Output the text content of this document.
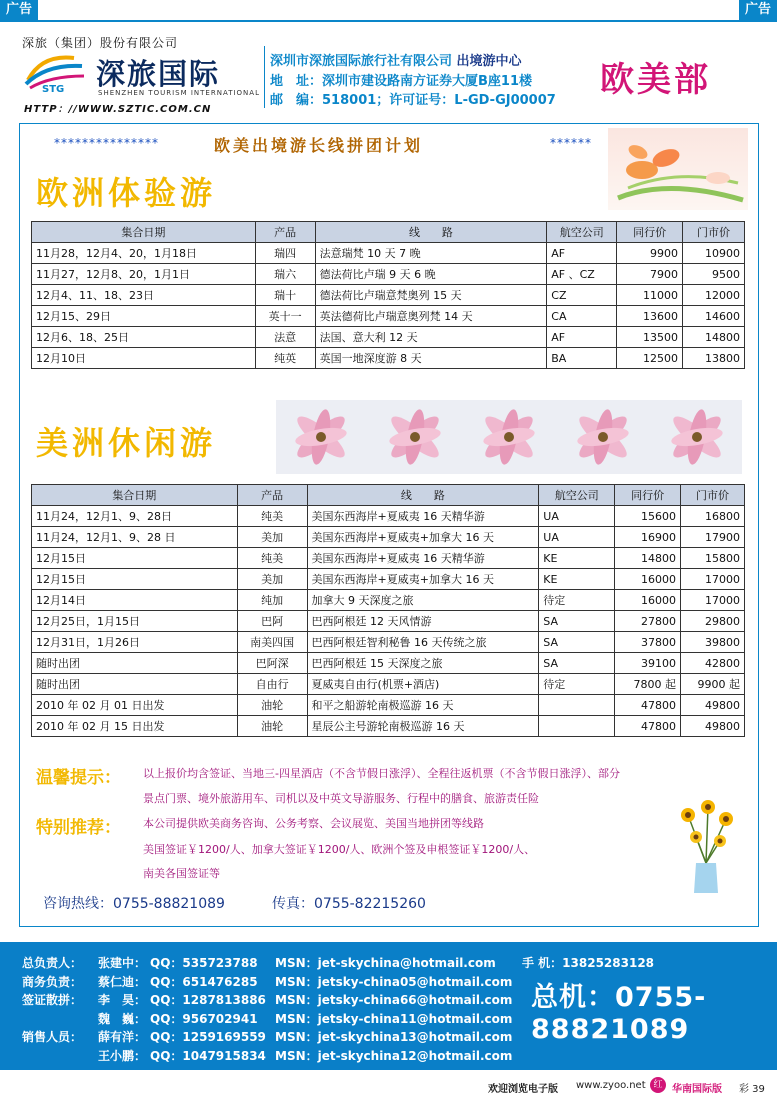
广告	广告
深旅（集团）股份有限公司
STG 深旅国际
SHENZHEN TOURISM INTERNATIONAL
HTTP：//WWW.SZTIC.COM.CN
深圳市深旅国际旅行社有限公司 出境游中心
地　址：深圳市建设路南方证券大厦B座11楼
邮　编：518001；许可证号：L-GD-GJ00007
欧美部
***************	欧美出境游长线拼团计划	******
欧洲体验游
集合日期	产品	线　　路	航空公司	同行价	门市价
11月28，12月4、20，1月18日	瑞四	法意瑞梵 10 天 7 晚	AF	9900	10900
11月27，12月8、20，1月1日	瑞六	德法荷比卢瑞 9 天 6 晚	AF 、CZ	7900	9500
12月4、11、18、23日	瑞十	德法荷比卢瑞意梵奥列 15 天	CZ	11000	12000
12月15、29日	英十一	英法德荷比卢瑞意奥列梵 14 天	CA	13600	14600
12月6、18、25日	法意	法国、意大利 12 天	AF	13500	14800
12月10日	纯英	英国一地深度游 8 天	BA	12500	13800
美洲休闲游
集合日期	产品	线　　路	航空公司	同行价	门市价
11月24，12月1、9、28日	纯美	美国东西海岸+夏威夷 16 天精华游	UA	15600	16800
11月24，12月1、9、28 日	美加	美国东西海岸+夏威夷+加拿大 16 天	UA	16900	17900
12月15日	纯美	美国东西海岸+夏威夷 16 天精华游	KE	14800	15800
12月15日	美加	美国东西海岸+夏威夷+加拿大 16 天	KE	16000	17000
12月14日	纯加	加拿大 9 天深度之旅	待定	16000	17000
12月25日，1月15日	巴阿	巴西阿根廷 12 天风情游	SA	27800	29800
12月31日，1月26日	南美四国	巴西阿根廷智利秘鲁 16 天传统之旅	SA	37800	39800
随时出团	巴阿深	巴西阿根廷 15 天深度之旅	SA	39100	42800
随时出团	自由行	夏威夷自由行(机票+酒店)	待定	7800 起	9900 起
2010 年 02 月 01 日出发	油轮	和平之船游轮南极巡游 16 天		47800	49800
2010 年 02 月 15 日出发	油轮	星辰公主号游轮南极巡游 16 天		47800	49800
温馨提示： 以上报价均含签证、当地三-四星酒店（不含节假日涨浮）、全程往返机票（不含节假日涨浮）、部分
景点门票、境外旅游用车、司机以及中英文导游服务、行程中的膳食、旅游责任险
特别推荐： 本公司提供欧美商务咨询、公务考察、会议展览、美国当地拼团等线路
美国签证￥1200/人、加拿大签证￥1200/人、欧洲个签及申根签证￥1200/人、
南美各国签证等
咨询热线：0755-88821089	传真：0755-82215260
总负责人： 张建中： QQ：535723788 MSN：jet-skychina@hotmail.com 手 机：13825283128
商务负责： 蔡仁迪： QQ：651476285 MSN：jetsky-china05@hotmail.com
签证散拼： 李　昊： QQ：1287813886 MSN：jetsky-china66@hotmail.com
魏　巍： QQ：956702941 MSN：jetsky-china11@hotmail.com
销售人员： 薛有洋： QQ：1259169559 MSN：jet-skychina13@hotmail.com
王小鹏： QQ：1047915834 MSN：jet-skychina12@hotmail.com
总机：0755-88821089
欢迎浏览电子版 www.zyoo.net 红 华南国际版 彩 39
